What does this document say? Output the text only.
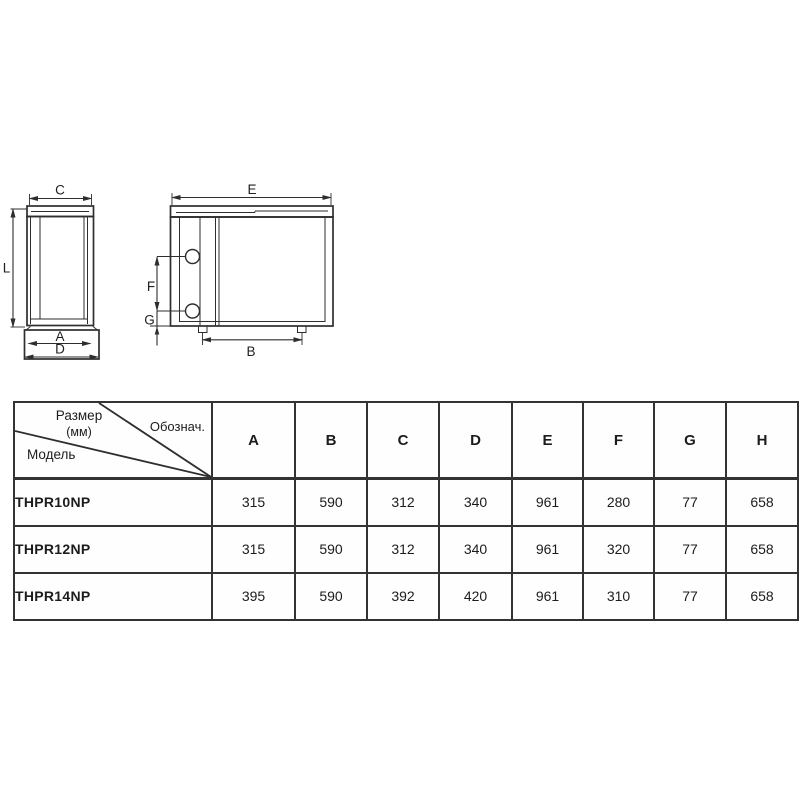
C
A
D
L
E
F
G
B
Размер
(мм) Обознач.
Модель	A	B	C	D	E	F	G	H
THPR10NP	315	590	312	340	961	280	77	658
THPR12NP	315	590	312	340	961	320	77	658
THPR14NP	395	590	392	420	961	310	77	658
